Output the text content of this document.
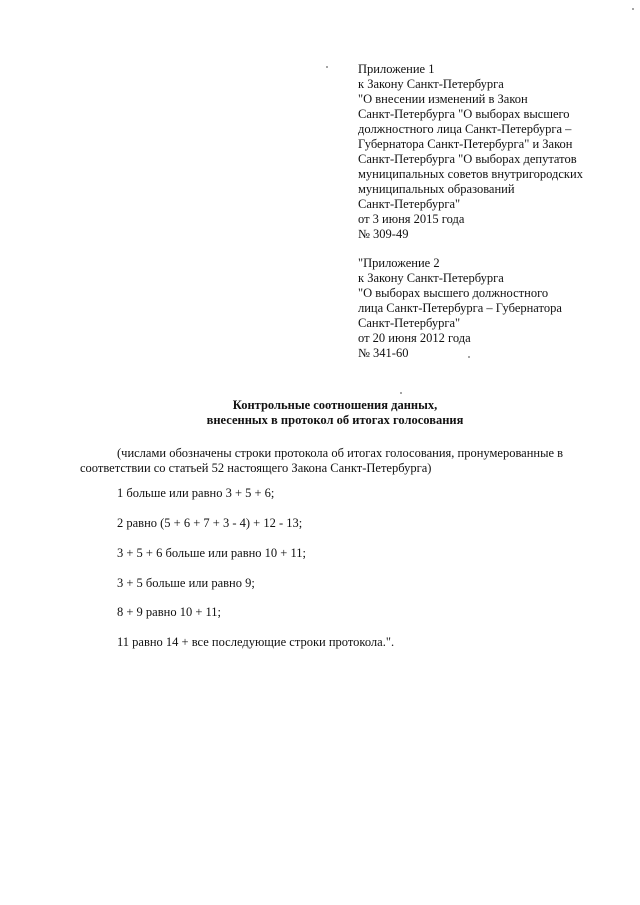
Приложение 1
к Закону Санкт-Петербурга
"О внесении изменений в Закон
Санкт-Петербурга "О выборах высшего
должностного лица Санкт-Петербурга –
Губернатора Санкт-Петербурга" и Закон
Санкт-Петербурга "О выборах депутатов
муниципальных советов внутригородских
муниципальных образований
Санкт-Петербурга"
от 3 июня 2015 года
№ 309-49
"Приложение 2
к Закону Санкт-Петербурга
"О выборах высшего должностного
лица Санкт-Петербурга – Губернатора
Санкт-Петербурга"
от 20 июня 2012 года
№ 341-60
Контрольные соотношения данных,
внесенных в протокол об итогах голосования
(числами обозначены строки протокола об итогах голосования, пронумерованные в
соответствии со статьей 52 настоящего Закона Санкт-Петербурга)
1 больше или равно 3 + 5 + 6;
2 равно (5 + 6 + 7 + 3 - 4) + 12 - 13;
3 + 5 + 6 больше или равно 10 + 11;
3 + 5 больше или равно 9;
8 + 9 равно 10 + 11;
11 равно 14 + все последующие строки протокола.".
